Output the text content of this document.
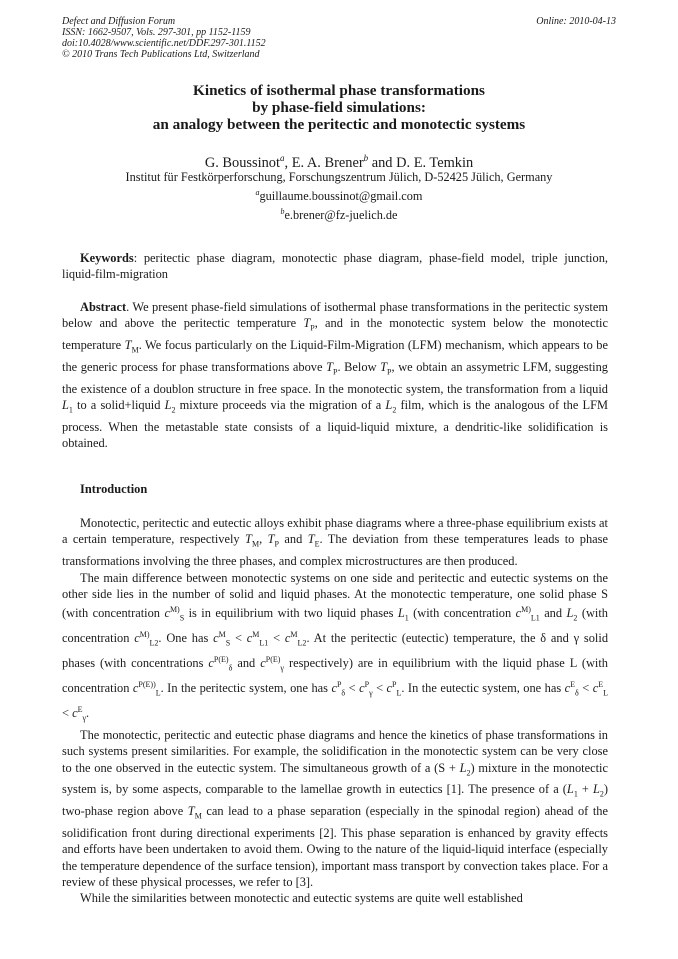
Defect and Diffusion Forum
ISSN: 1662-9507, Vols. 297-301, pp 1152-1159
doi:10.4028/www.scientific.net/DDF.297-301.1152
© 2010 Trans Tech Publications Ltd, Switzerland
Online: 2010-04-13
Kinetics of isothermal phase transformations
by phase-field simulations:
an analogy between the peritectic and monotectic systems
G. Boussinot$^a$, E. A. Brener$^b$ and D. E. Temkin
Institut für Festkörperforschung, Forschungszentrum Jülich, D-52425 Jülich, Germany
$^a$guillaume.boussinot@gmail.com
$^b$e.brener@fz-juelich.de

Keywords: peritectic phase diagram, monotectic phase diagram, phase-field model, triple junction, liquid-film-migration

Abstract. We present phase-field simulations of isothermal phase transformations in the peritectic system below and above the peritectic temperature $T_P$, and in the monotectic system below the monotectic temperature $T_M$. We focus particularly on the Liquid-Film-Migration (LFM) mechanism, which appears to be the generic process for phase transformations above $T_P$. Below $T_P$, we obtain an assymetric LFM, suggesting the existence of a doublon structure in free space. In the monotectic system, the transformation from a liquid $L_1$ to a solid+liquid $L_2$ mixture proceeds via the migration of a $L_2$ film, which is the analogous of the LFM process. When the metastable state consists of a liquid-liquid mixture, a dendritic-like solidification is obtained.

Introduction

Monotectic, peritectic and eutectic alloys exhibit phase diagrams where a three-phase equilibrium exists at a certain temperature, respectively $T_M$, $T_P$ and $T_E$. The deviation from these temperatures leads to phase transformations involving the three phases, and complex microstructures are then produced.

The main difference between monotectic systems on one side and peritectic and eutectic systems on the other side lies in the number of solid and liquid phases. At the monotectic temperature, one solid phase S (with concentration $c^{M)}_S$ is in equilibrium with two liquid phases $L_1$ (with concentration $c^{M)}_{L1}$ and $L_2$ (with concentration $c^{M)}_{L2}$. One has $c^M_S < c^M_{L1} < c^M_{L2}$. At the peritectic (eutectic) temperature, the δ and γ solid phases (with concentrations $c^{P(E)}_\delta$ and $c^{P(E)}_\gamma$ respectively) are in equilibrium with the liquid phase L (with concentration $c^{P(E))}_L$. In the peritectic system, one has $c^P_\delta < c^P_\gamma < c^P_L$. In the eutectic system, one has $c^E_\delta < c^E_L < c^E_\gamma$.

The monotectic, peritectic and eutectic phase diagrams and hence the kinetics of phase transformations in such systems present similarities. For example, the solidification in the monotectic system can be very close to the one observed in the eutectic system. The simultaneous growth of a $(S + L_2)$ mixture in the monotectic system is, by some aspects, comparable to the lamellae growth in eutectics [1]. The presence of a $(L_1 + L_2)$ two-phase region above $T_M$ can lead to a phase separation (especially in the spinodal region) ahead of the solidification front during directional experiments [2]. This phase separation is enhanced by gravity effects and efforts have been undertaken to avoid them. Owing to the nature of the liquid-liquid interface (especially the temperature dependence of the surface tension), important mass transport by convection takes place. For a review of these physical processes, we refer to [3].

While the similarities between monotectic and eutectic systems are quite well established
